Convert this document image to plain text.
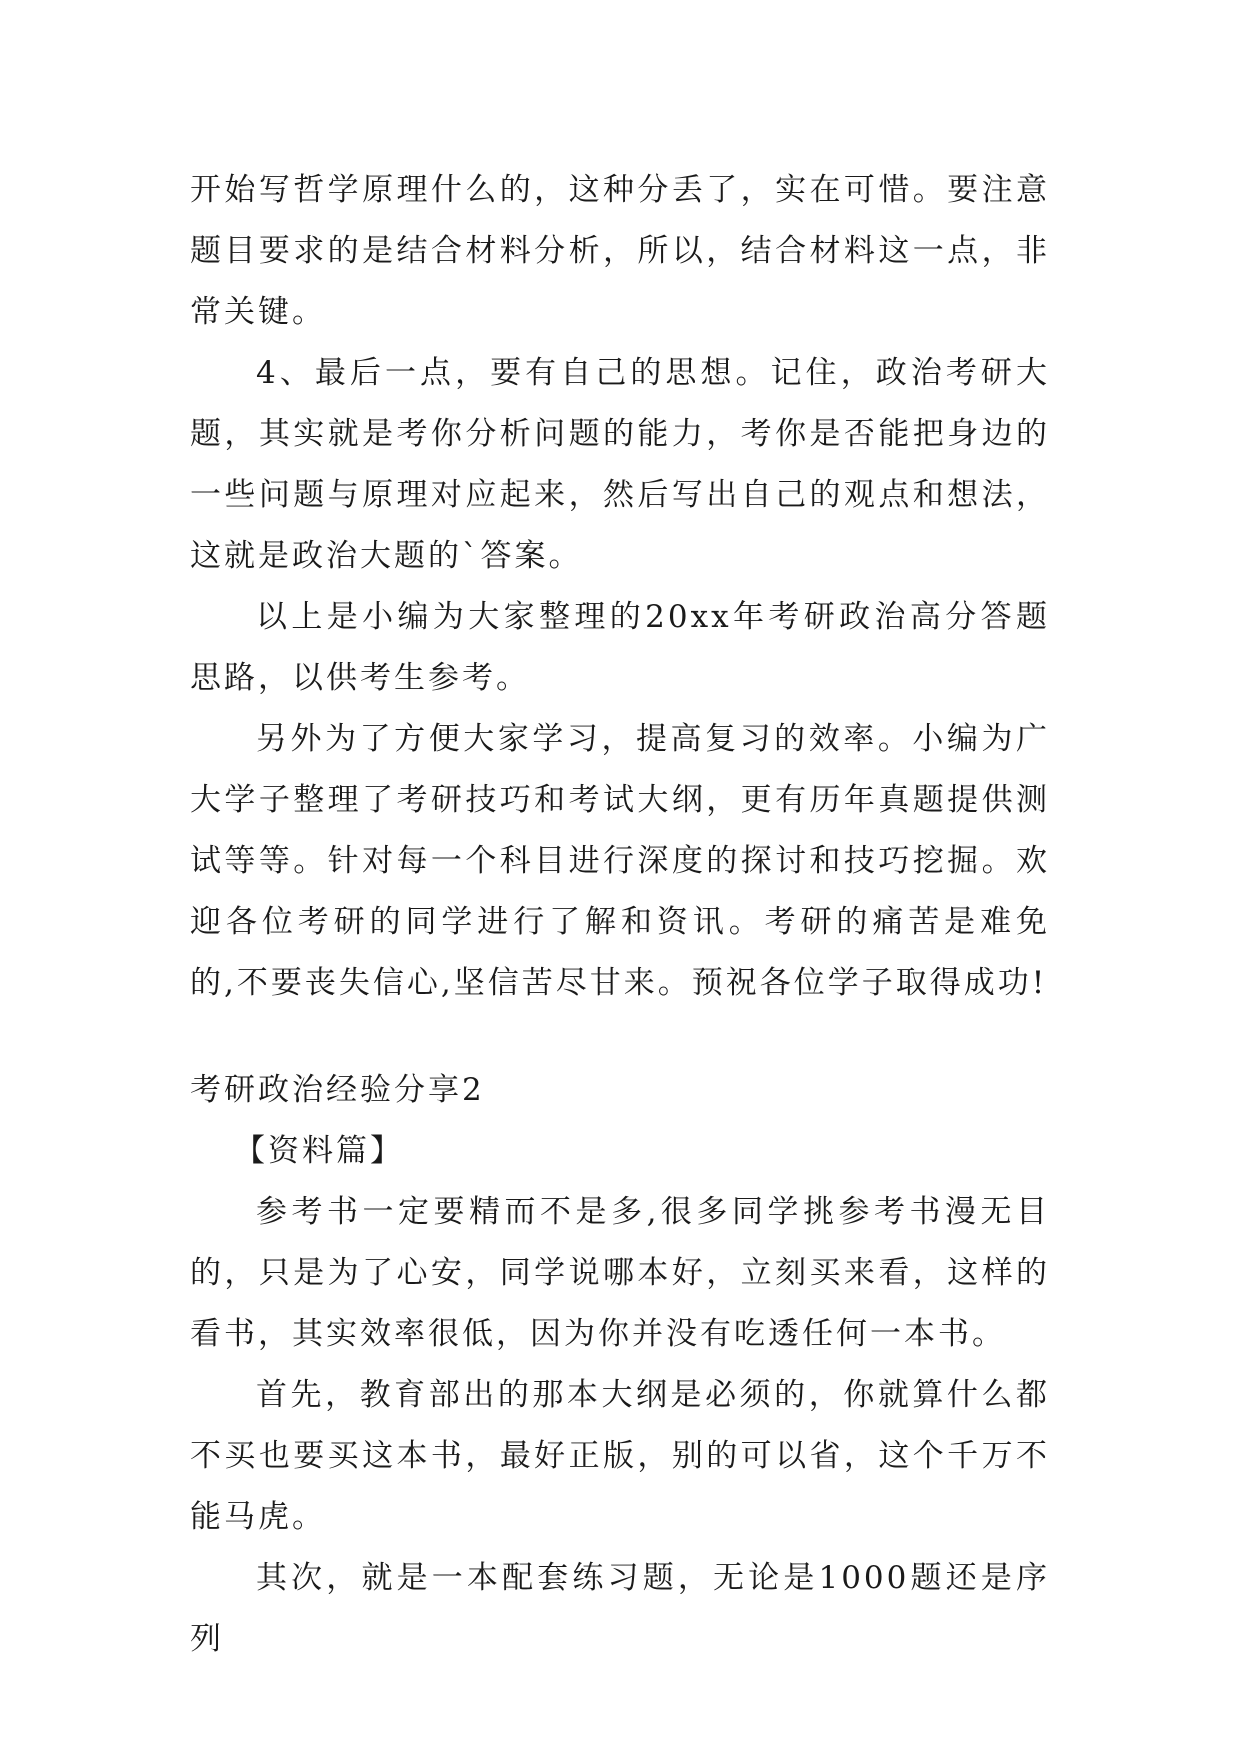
开始写哲学原理什么的，这种分丢了，实在可惜。要注意题目要求的是结合材料分析，所以，结合材料这一点，非常关键。

4、最后一点，要有自己的思想。记住，政治考研大题，其实就是考你分析问题的能力，考你是否能把身边的一些问题与原理对应起来，然后写出自己的观点和想法，这就是政治大题的`答案。

以上是小编为大家整理的20xx年考研政治高分答题思路，以供考生参考。

另外为了方便大家学习，提高复习的效率。小编为广大学子整理了考研技巧和考试大纲，更有历年真题提供测试等等。针对每一个科目进行深度的探讨和技巧挖掘。欢迎各位考研的同学进行了解和资讯。考研的痛苦是难免的,不要丧失信心,坚信苦尽甘来。预祝各位学子取得成功!

考研政治经验分享2

【资料篇】

参考书一定要精而不是多,很多同学挑参考书漫无目的，只是为了心安，同学说哪本好，立刻买来看，这样的看书，其实效率很低，因为你并没有吃透任何一本书。

首先，教育部出的那本大纲是必须的，你就算什么都不买也要买这本书，最好正版，别的可以省，这个千万不能马虎。

其次，就是一本配套练习题，无论是1000题还是序列
